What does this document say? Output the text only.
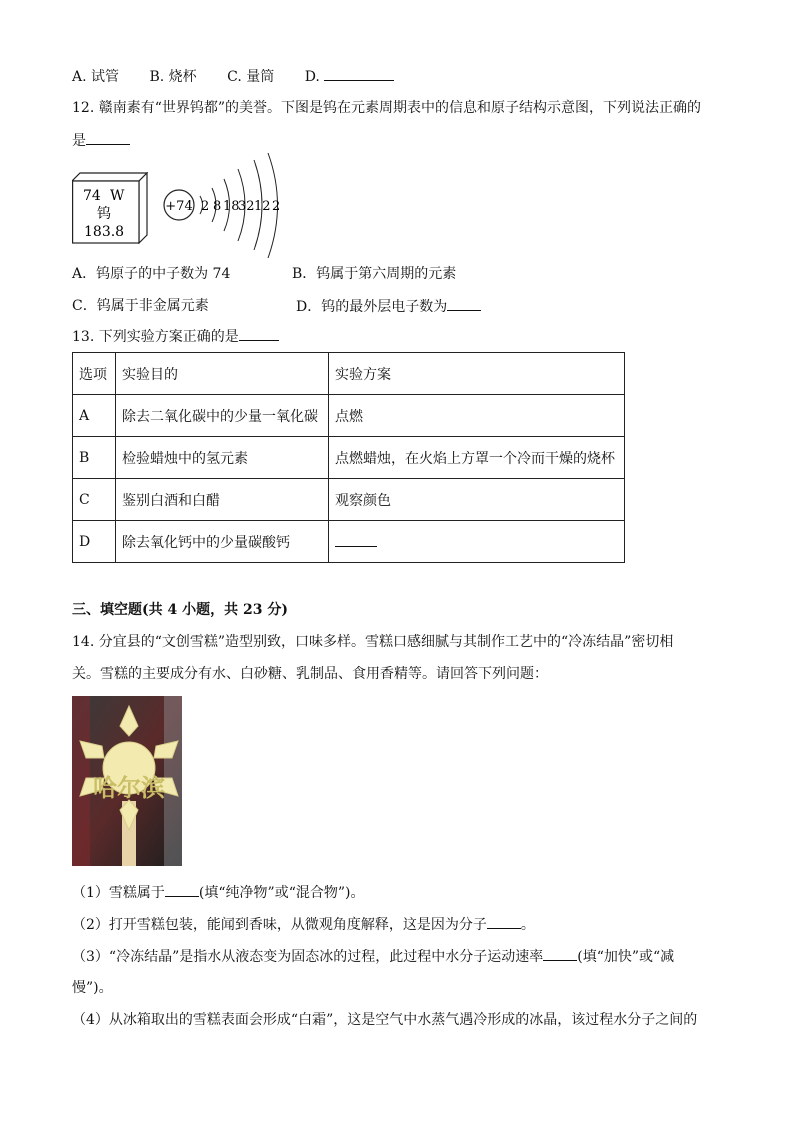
A. 试管 B. 烧杯 C. 量筒 D.
12. 赣南素有“世界钨都”的美誉。下图是钨在元素周期表中的信息和原子结构示意图，下列说法正确的
是
74 W
钨
183.8
+74 2 8 18
32 12 2
A．钨原子的中子数为 74	B．钨属于第六周期的元素
C．钨属于非金属元素	D．钨的最外层电子数为
13. 下列实验方案正确的是
选项	实验目的	实验方案
A	除去二氧化碳中的少量一氧化碳	点燃
B	检验蜡烛中的氢元素	点燃蜡烛，在火焰上方罩一个冷而干燥的烧杯
C	鉴别白酒和白醋	观察颜色
D	除去氧化钙中的少量碳酸钙	
三、填空题(共 4 小题，共 23 分)
14. 分宜县的“文创雪糕”造型别致，口味多样。雪糕口感细腻与其制作工艺中的“冷冻结晶”密切相
关。雪糕的主要成分有水、白砂糖、乳制品、食用香精等。请回答下列问题：
哈尔滨
（1）雪糕属于 (填“纯净物”或“混合物”)。
（2）打开雪糕包装，能闻到香味，从微观角度解释，这是因为分子 。
（3）“冷冻结晶”是指水从液态变为固态冰的过程，此过程中水分子运动速率 (填“加快”或“减
慢”)。
（4）从冰箱取出的雪糕表面会形成“白霜”，这是空气中水蒸气遇冷形成的冰晶，该过程水分子之间的
